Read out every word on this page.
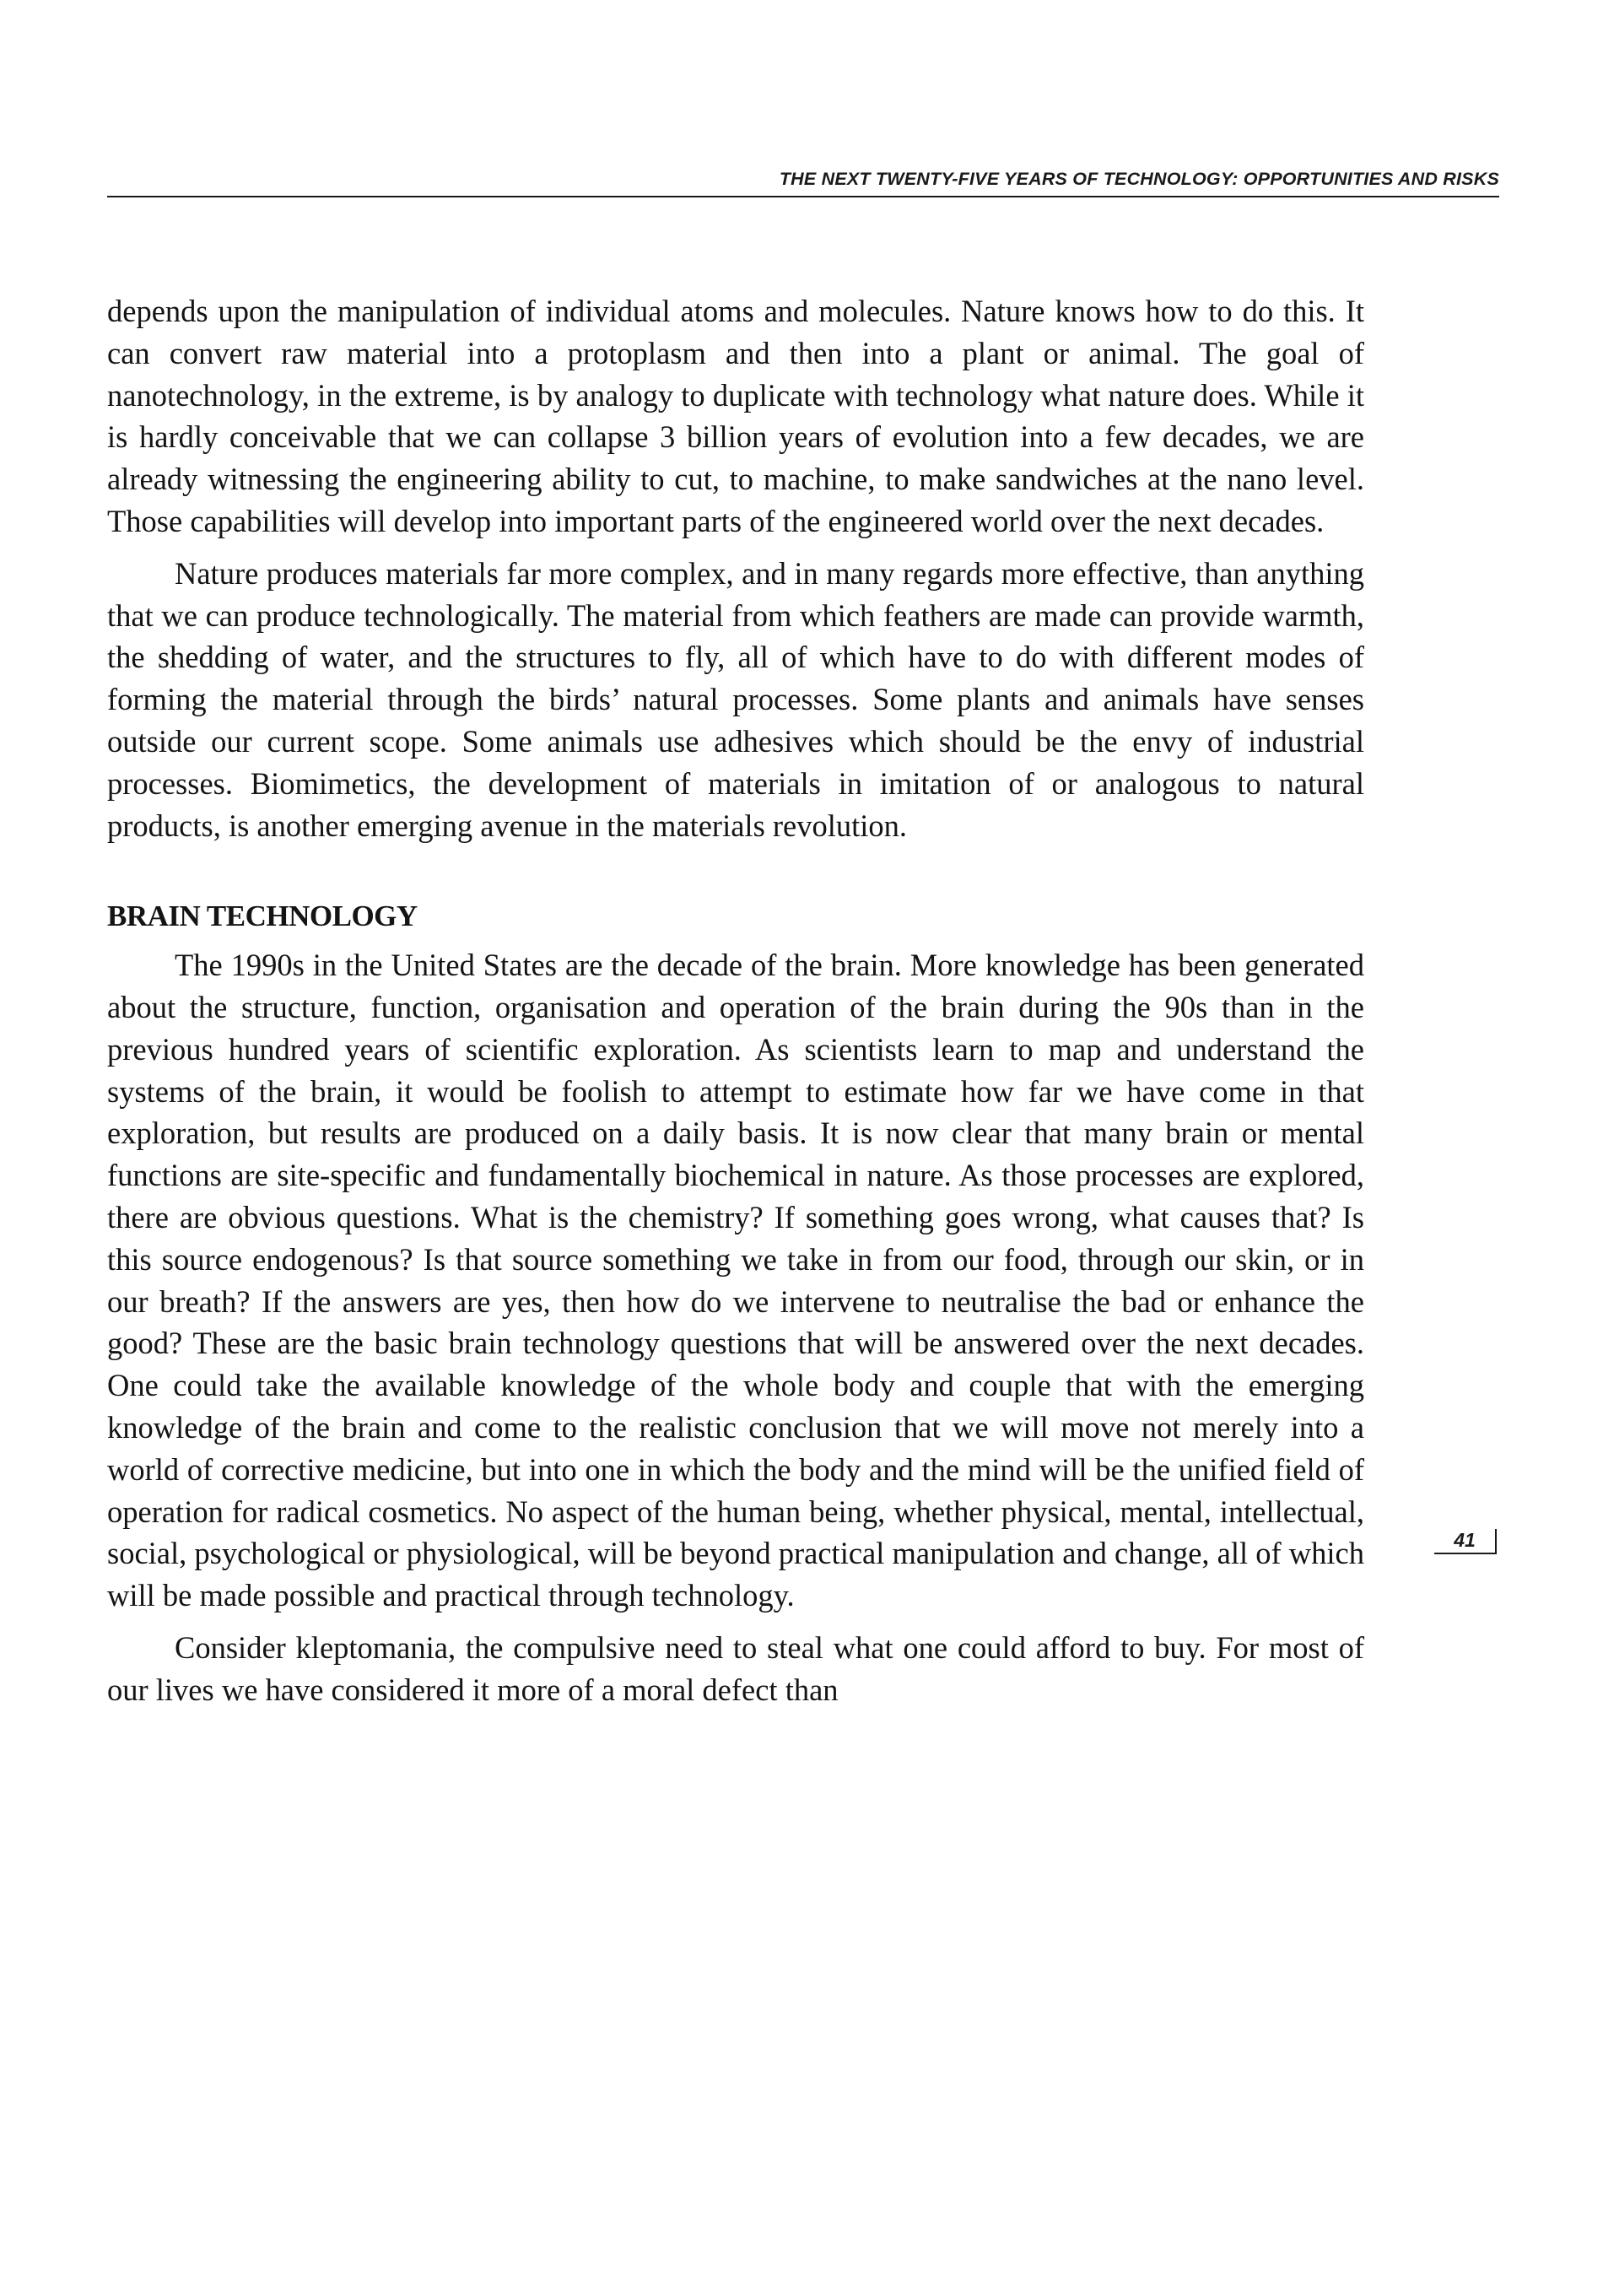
THE NEXT TWENTY-FIVE YEARS OF TECHNOLOGY: OPPORTUNITIES AND RISKS

depends upon the manipulation of individual atoms and molecules. Nature knows how to do this. It can convert raw material into a protoplasm and then into a plant or animal. The goal of nanotechnology, in the extreme, is by analogy to duplicate with technology what nature does. While it is hardly conceivable that we can collapse 3 billion years of evolution into a few decades, we are already witnessing the engineering ability to cut, to machine, to make sandwiches at the nano level. Those capabilities will develop into important parts of the engineered world over the next decades.

Nature produces materials far more complex, and in many regards more effective, than anything that we can produce technologically. The material from which feathers are made can provide warmth, the shedding of water, and the structures to fly, all of which have to do with different modes of forming the material through the birds’ natural processes. Some plants and animals have senses outside our current scope. Some animals use adhesives which should be the envy of industrial processes. Biomimetics, the development of materials in imitation of or analogous to natural products, is another emerging avenue in the materials revolution.

BRAIN TECHNOLOGY

The 1990s in the United States are the decade of the brain. More knowledge has been generated about the structure, function, organisation and operation of the brain during the 90s than in the previous hundred years of scientific exploration. As scientists learn to map and understand the systems of the brain, it would be foolish to attempt to estimate how far we have come in that exploration, but results are produced on a daily basis. It is now clear that many brain or mental functions are site-specific and fundamentally biochemical in nature. As those processes are explored, there are obvious questions. What is the chemistry? If something goes wrong, what causes that? Is this source endogenous? Is that source something we take in from our food, through our skin, or in our breath? If the answers are yes, then how do we intervene to neutralise the bad or enhance the good? These are the basic brain technology questions that will be answered over the next decades. One could take the available knowledge of the whole body and couple that with the emerging knowledge of the brain and come to the realistic conclusion that we will move not merely into a world of corrective medicine, but into one in which the body and the mind will be the unified field of operation for radical cosmetics. No aspect of the human being, whether physical, mental, intellectual, social, psychological or physiological, will be beyond practical manipulation and change, all of which will be made possible and practical through technology.

Consider kleptomania, the compulsive need to steal what one could afford to buy. For most of our lives we have considered it more of a moral defect than

41
